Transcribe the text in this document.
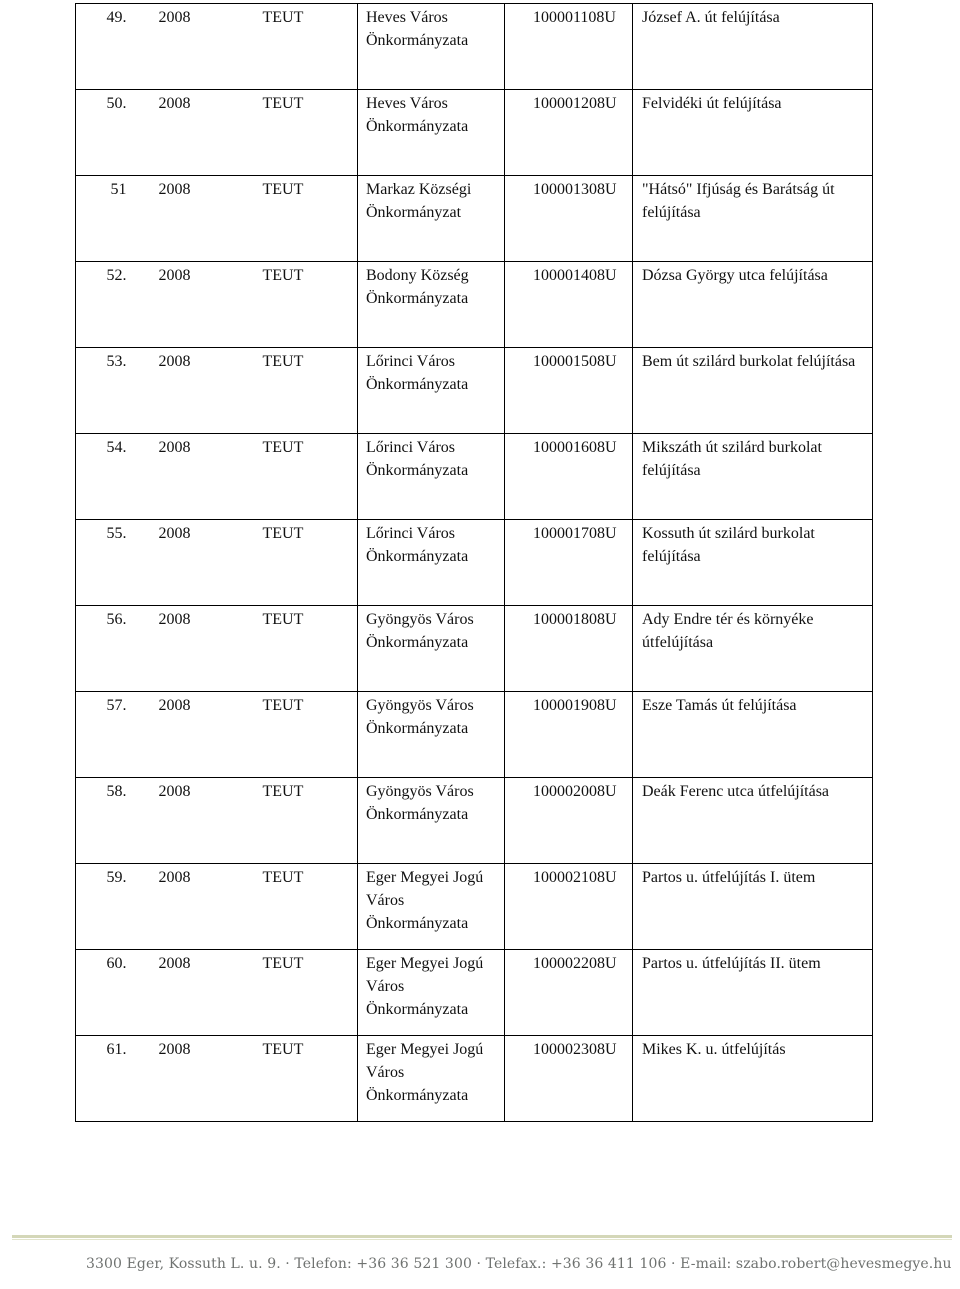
49.	2008	TEUT	Heves Város Önkormányzata	100001108U	József A. út felújítása
50.	2008	TEUT	Heves Város Önkormányzata	100001208U	Felvidéki út felújítása
51	2008	TEUT	Markaz Községi Önkormányzat	100001308U	"Hátsó" Ifjúság és Barátság út felújítása
52.	2008	TEUT	Bodony Község Önkormányzata	100001408U	Dózsa György utca felújítása
53.	2008	TEUT	Lőrinci Város Önkormányzata	100001508U	Bem út szilárd burkolat felújítása
54.	2008	TEUT	Lőrinci Város Önkormányzata	100001608U	Mikszáth út szilárd burkolat felújítása
55.	2008	TEUT	Lőrinci Város Önkormányzata	100001708U	Kossuth út szilárd burkolat felújítása
56.	2008	TEUT	Gyöngyös Város Önkormányzata	100001808U	Ady Endre tér és környéke útfelújítása
57.	2008	TEUT	Gyöngyös Város Önkormányzata	100001908U	Esze Tamás út felújítása
58.	2008	TEUT	Gyöngyös Város Önkormányzata	100002008U	Deák Ferenc utca útfelújítása
59.	2008	TEUT	Eger Megyei Jogú Város Önkormányzata	100002108U	Partos u. útfelújítás I. ütem
60.	2008	TEUT	Eger Megyei Jogú Város Önkormányzata	100002208U	Partos u. útfelújítás II. ütem
61.	2008	TEUT	Eger Megyei Jogú Város Önkormányzata	100002308U	Mikes K. u. útfelújítás
3300 Eger, Kossuth L. u. 9. · Telefon: +36 36 521 300 · Telefax.: +36 36 411 106 · E-mail: szabo.robert@hevesmegye.hu
